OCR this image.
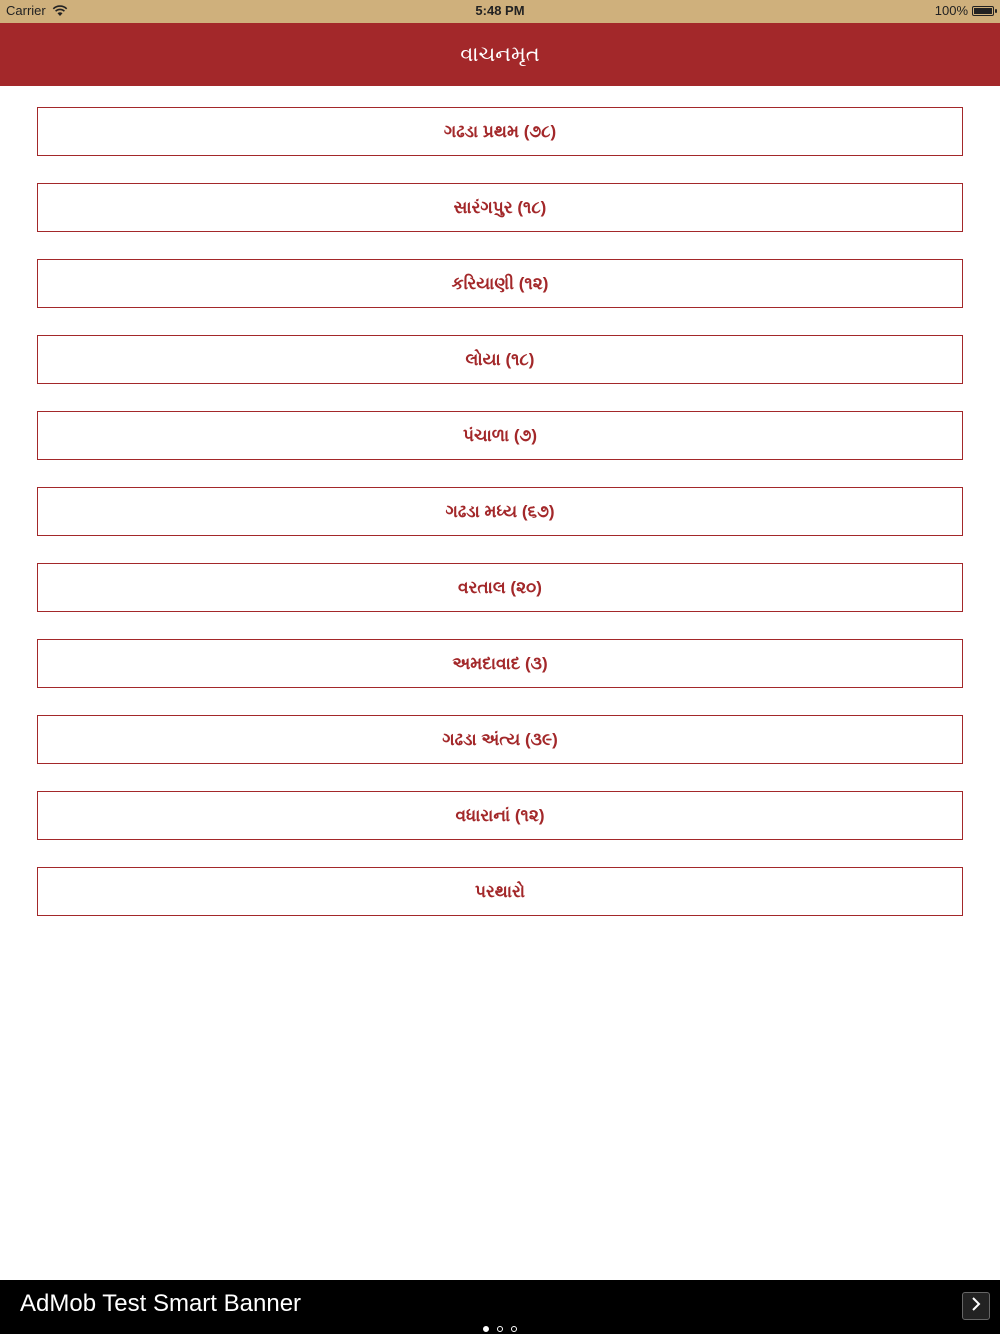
Carrier	5:48 PM	100%
વાચનમૃત
ગઢડા પ્રથમ (૭૮)
સારંગપુર (૧૮)
કરિયાણી (૧૨)
લોયા (૧૮)
પંચાળા (૭)
ગઢડા મધ્ય (૬૭)
વરતાલ (૨૦)
અમદાવાદ (૩)
ગઢડા અંત્ય (૩૯)
વધારાનાં (૧૨)
પરથારો
AdMob Test Smart Banner
